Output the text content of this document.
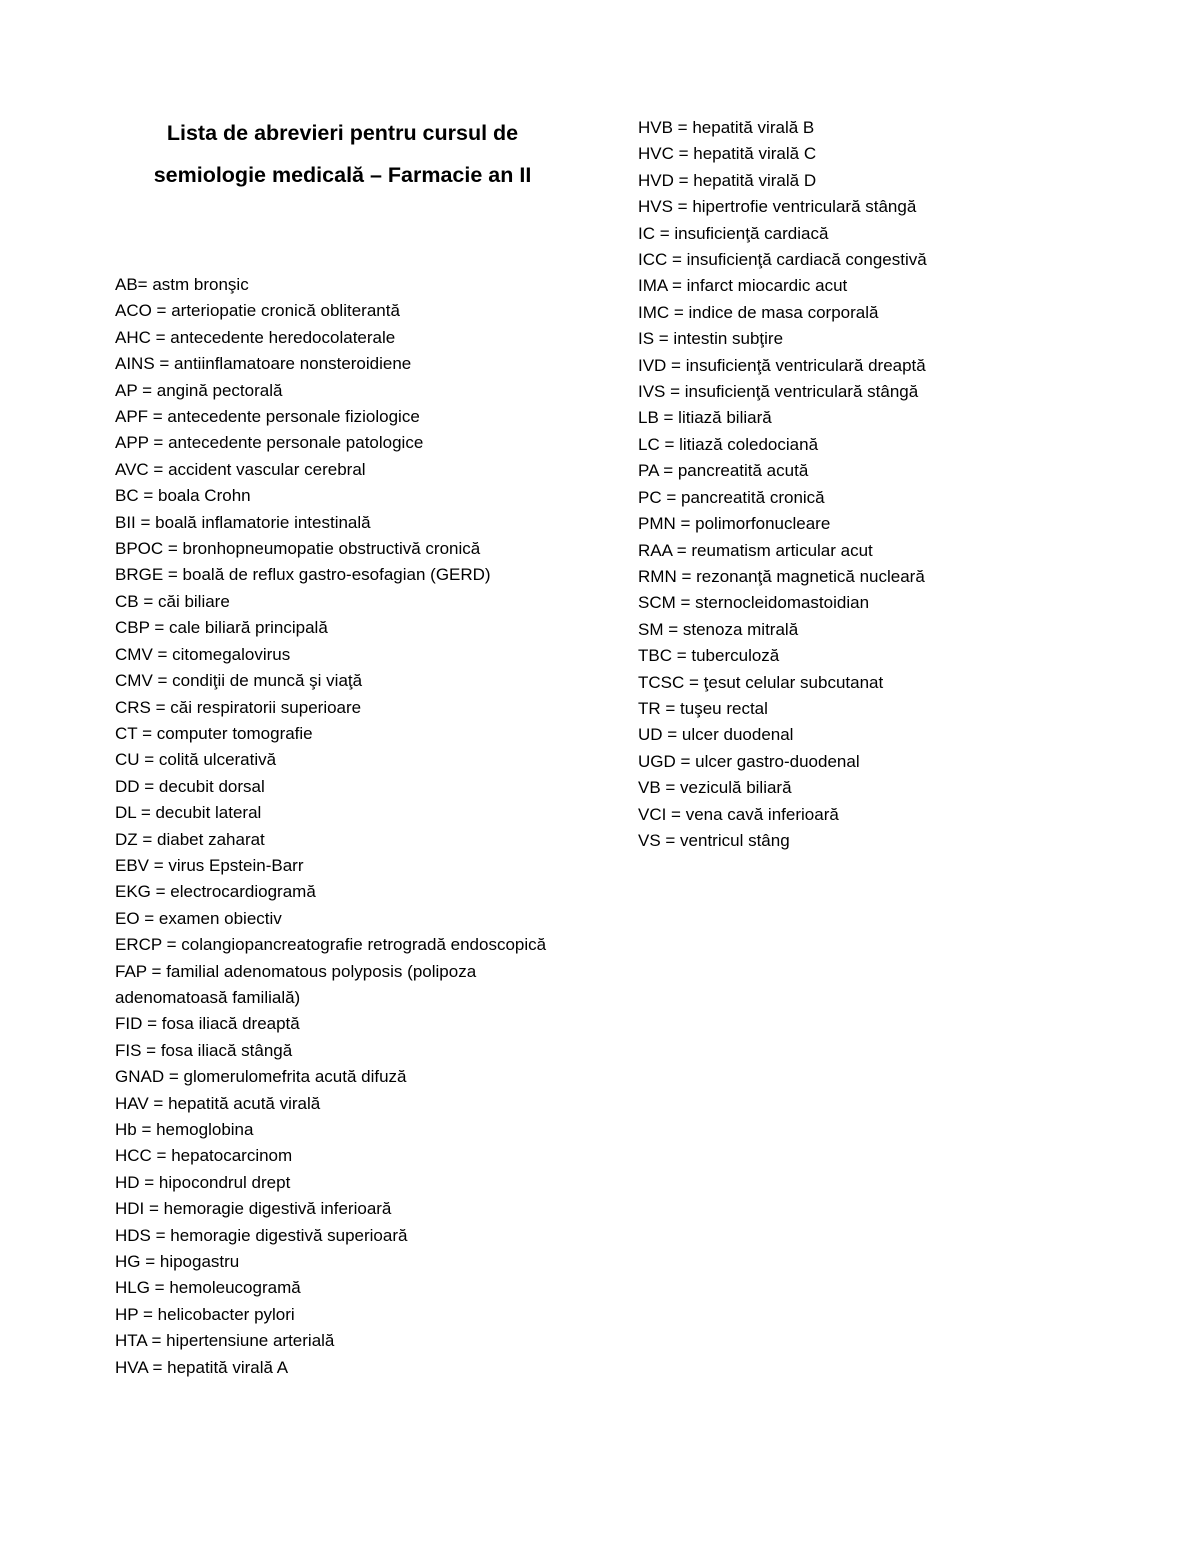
Lista de abrevieri pentru cursul de
semiologie medicală – Farmacie an II
AB= astm bronşic
ACO = arteriopatie cronică obliterantă
AHC = antecedente heredocolaterale
AINS = antiinflamatoare nonsteroidiene
AP = angină pectorală
APF = antecedente personale fiziologice
APP = antecedente personale patologice
AVC = accident vascular cerebral
BC = boala Crohn
BII = boală inflamatorie intestinală
BPOC = bronhopneumopatie obstructivă cronică
BRGE = boală de reflux gastro-esofagian (GERD)
CB = căi biliare
CBP = cale biliară principală
CMV = citomegalovirus
CMV = condiţii de muncă şi viaţă
CRS = căi respiratorii superioare
CT = computer tomografie
CU = colită ulcerativă
DD = decubit dorsal
DL = decubit lateral
DZ = diabet zaharat
EBV = virus Epstein-Barr
EKG = electrocardiogramă
EO = examen obiectiv
ERCP = colangiopancreatografie retrogradă endoscopică
FAP = familial adenomatous polyposis (polipoza adenomatoasă familială)
FID = fosa iliacă dreaptă
FIS = fosa iliacă stângă
GNAD = glomerulomefrita acută difuză
HAV = hepatită acută virală
Hb = hemoglobina
HCC = hepatocarcinom
HD = hipocondrul drept
HDI = hemoragie digestivă inferioară
HDS = hemoragie digestivă superioară
HG = hipogastru
HLG = hemoleucogramă
HP = helicobacter pylori
HTA = hipertensiune arterială
HVA = hepatită virală A
HVB = hepatită virală B
HVC = hepatită virală C
HVD = hepatită virală D
HVS = hipertrofie ventriculară stângă
IC = insuficienţă cardiacă
ICC = insuficienţă cardiacă congestivă
IMA = infarct miocardic acut
IMC = indice de masa corporală
IS = intestin subţire
IVD = insuficienţă ventriculară dreaptă
IVS = insuficienţă ventriculară stângă
LB = litiază biliară
LC = litiază coledociană
PA = pancreatită acută
PC = pancreatită cronică
PMN = polimorfonucleare
RAA = reumatism articular acut
RMN = rezonanţă magnetică nucleară
SCM = sternocleidomastoidian
SM = stenoza mitrală
TBC = tuberculoză
TCSC = ţesut celular subcutanat
TR = tuşeu rectal
UD = ulcer duodenal
UGD = ulcer gastro-duodenal
VB = veziculă biliară
VCI = vena cavă inferioară
VS = ventricul stâng
